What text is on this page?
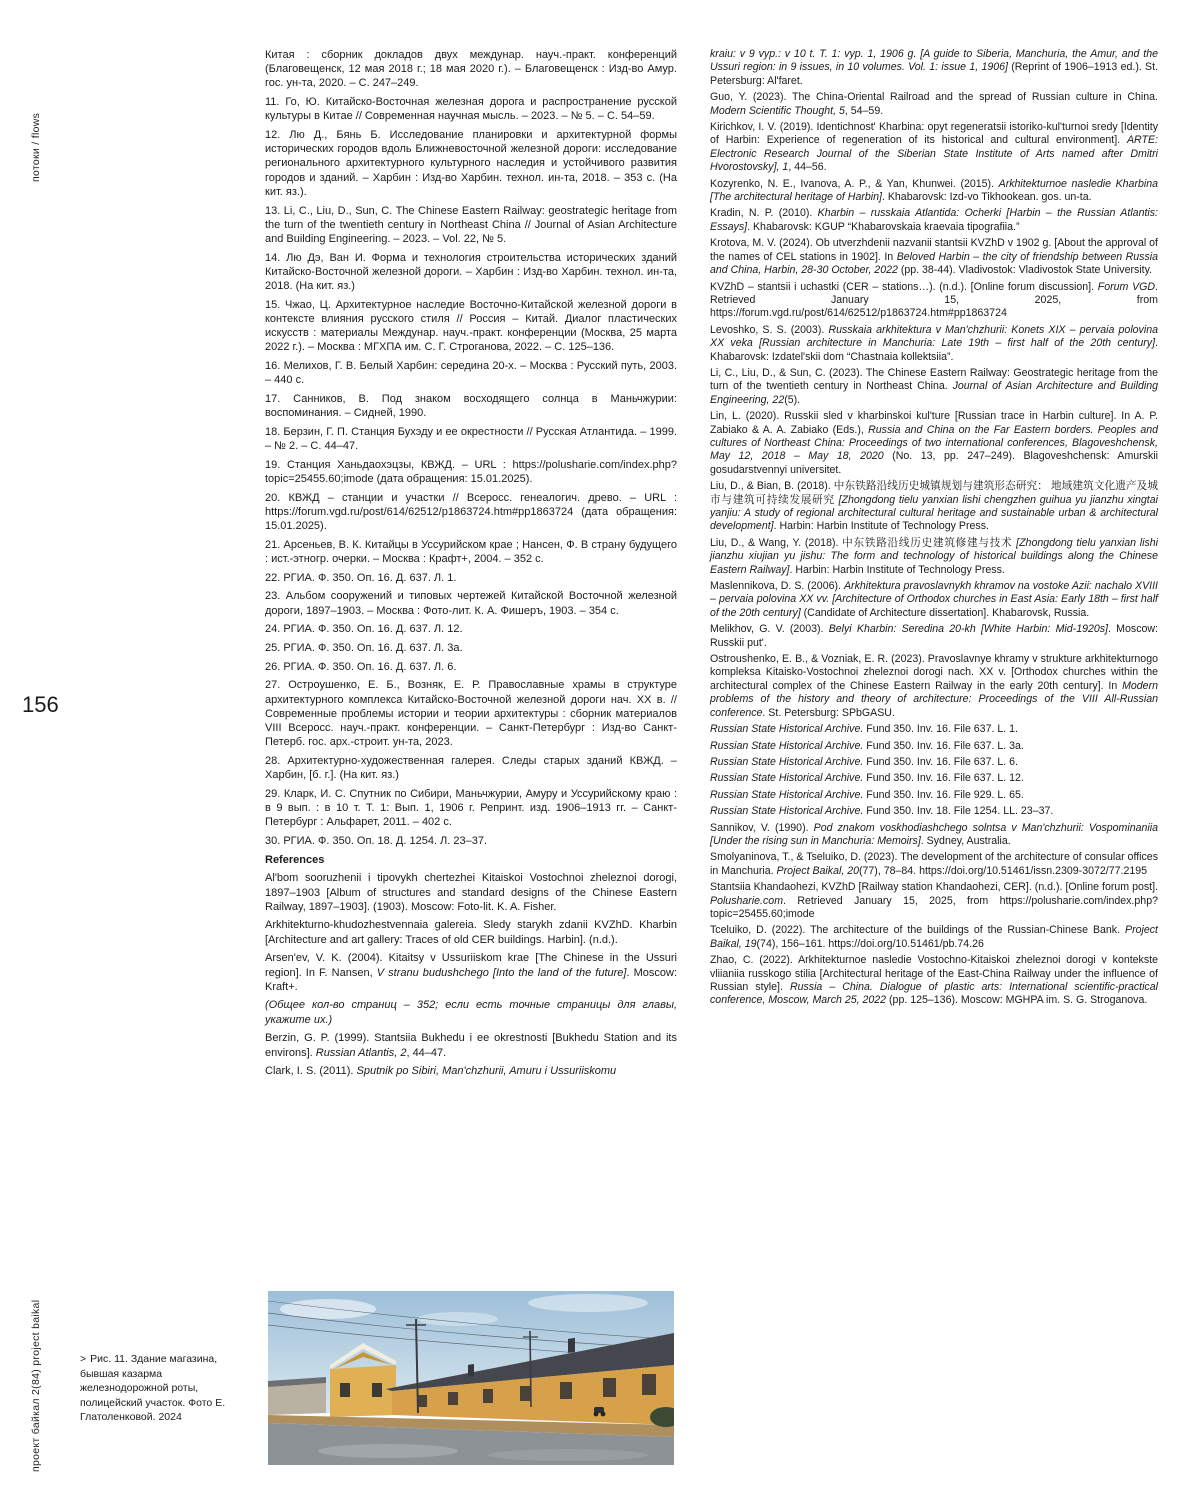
потоки / flows
156
проект байкал 2(84) project baikal

Китая : сборник докладов двух междунар. науч.-практ. конференций (Благовещенск, 12 мая 2018 г.; 18 мая 2020 г.). – Благовещенск : Изд-во Амур. гос. ун-та, 2020. – С. 247–249.

11. Го, Ю. Китайско-Восточная железная дорога и распространение русской культуры в Китае // Современная научная мысль. – 2023. – № 5. – С. 54–59.

12. Лю Д., Бянь Б. Исследование планировки и архитектурной формы исторических городов вдоль Ближневосточной железной дороги: исследование регионального архитектурного культурного наследия и устойчивого развития городов и зданий. – Харбин : Изд-во Харбин. технол. ин-та, 2018. – 353 с. (На кит. яз.).

13. Li, C., Liu, D., Sun, C. The Chinese Eastern Railway: geostrategic heritage from the turn of the twentieth century in Northeast China // Journal of Asian Architecture and Building Engineering. – 2023. – Vol. 22, № 5.

14. Лю Дэ, Ван И. Форма и технология строительства исторических зданий Китайско-Восточной железной дороги. – Харбин : Изд-во Харбин. технол. ин-та, 2018. (На кит. яз.)

15. Чжао, Ц. Архитектурное наследие Восточно-Китайской железной дороги в контексте влияния русского стиля // Россия – Китай. Диалог пластических искусств : материалы Междунар. науч.-практ. конференции (Москва, 25 марта 2022 г.). – Москва : МГХПА им. С. Г. Строганова, 2022. – С. 125–136.

16. Мелихов, Г. В. Белый Харбин: середина 20-х. – Москва : Русский путь, 2003. – 440 с.

17. Санников, В. Под знаком восходящего солнца в Маньчжурии: воспоминания. – Сидней, 1990.

18. Берзин, Г. П. Станция Бухэду и ее окрестности // Русская Атлантида. – 1999. – № 2. – С. 44–47.

19. Станция Ханьдаохэцзы, КВЖД. – URL : https://polusharie.com/index.php?topic=25455.60;imode (дата обращения: 15.01.2025).

20. КВЖД – станции и участки // Всеросс. генеалогич. древо. – URL : https://forum.vgd.ru/post/614/62512/p1863724.htm#pp1863724 (дата обращения: 15.01.2025).

21. Арсеньев, В. К. Китайцы в Уссурийском крае ; Нансен, Ф. В страну будущего : ист.-этногр. очерки. – Москва : Крафт+, 2004. – 352 с.

22. РГИА. Ф. 350. Оп. 16. Д. 637. Л. 1.

23. Альбом сооружений и типовых чертежей Китайской Восточной железной дороги, 1897–1903. – Москва : Фото-лит. К. А. Фишеръ, 1903. – 354 с.

24. РГИА. Ф. 350. Оп. 16. Д. 637. Л. 12.

25. РГИА. Ф. 350. Оп. 16. Д. 637. Л. 3а.

26. РГИА. Ф. 350. Оп. 16. Д. 637. Л. 6.

27. Остроушенко, Е. Б., Возняк, Е. Р. Православные храмы в структуре архитектурного комплекса Китайско-Восточной железной дороги нач. XX в. // Современные проблемы истории и теории архитектуры : сборник материалов VIII Всеросс. науч.-практ. конференции. – Санкт-Петербург : Изд-во Санкт-Петерб. гос. арх.-строит. ун-та, 2023.

28. Архитектурно-художественная галерея. Следы старых зданий КВЖД. – Харбин, [б. г.]. (На кит. яз.)

29. Кларк, И. С. Спутник по Сибири, Маньчжурии, Амуру и Уссурийскому краю : в 9 вып. : в 10 т. Т. 1: Вып. 1, 1906 г. Репринт. изд. 1906–1913 гг. – Санкт-Петербург : Альфарет, 2011. – 402 с.

30. РГИА. Ф. 350. Оп. 18. Д. 1254. Л. 23–37.

References

Al'bom sooruzhenii i tipovykh chertezhei Kitaiskoi Vostochnoi zheleznoi dorogi, 1897–1903 [Album of structures and standard designs of the Chinese Eastern Railway, 1897–1903]. (1903). Moscow: Foto-lit. K. A. Fisher.

Arkhitekturno-khudozhestvennaia galereia. Sledy starykh zdanii KVZhD. Kharbin [Architecture and art gallery: Traces of old CER buildings. Harbin]. (n.d.).

Arsen'ev, V. K. (2004). Kitaitsy v Ussuriiskom krae [The Chinese in the Ussuri region]. In F. Nansen, V stranu budushchego [Into the land of the future]. Moscow: Kraft+.

(Общее кол-во страниц – 352; если есть точные страницы для главы, укажите их.)

Berzin, G. P. (1999). Stantsiia Bukhedu i ee okrestnosti [Bukhedu Station and its environs]. Russian Atlantis, 2, 44–47.

Clark, I. S. (2011). Sputnik po Sibiri, Man'chzhurii, Amuru i Ussuriiskomu

kraiu: v 9 vyp.: v 10 t. T. 1: vyp. 1, 1906 g. [A guide to Siberia, Manchuria, the Amur, and the Ussuri region: in 9 issues, in 10 volumes. Vol. 1: issue 1, 1906] (Reprint of 1906–1913 ed.). St. Petersburg: Al'faret.

Guo, Y. (2023). The China-Oriental Railroad and the spread of Russian culture in China. Modern Scientific Thought, 5, 54–59.

Kirichkov, I. V. (2019). Identichnost' Kharbina: opyt regeneratsii istoriko-kul'turnoi sredy [Identity of Harbin: Experience of regeneration of its historical and cultural environment]. ARTE: Electronic Research Journal of the Siberian State Institute of Arts named after Dmitri Hvorostovsky], 1, 44–56.

Kozyrenko, N. E., Ivanova, A. P., & Yan, Khunwei. (2015). Arkhitekturnoe nasledie Kharbina [The architectural heritage of Harbin]. Khabarovsk: Izd-vo Tikhookean. gos. un-ta.

Kradin, N. P. (2010). Kharbin – russkaia Atlantida: Ocherki [Harbin – the Russian Atlantis: Essays]. Khabarovsk: KGUP “Khabarovskaia kraevaia tipografiia.”

Krotova, M. V. (2024). Ob utverzhdenii nazvanii stantsii KVZhD v 1902 g. [About the approval of the names of CEL stations in 1902]. In Beloved Harbin – the city of friendship between Russia and China, Harbin, 28-30 October, 2022 (pp. 38-44). Vladivostok: Vladivostok State University.

KVZhD – stantsii i uchastki (CER – stations…). (n.d.). [Online forum discussion]. Forum VGD. Retrieved January 15, 2025, from https://forum.vgd.ru/post/614/62512/p1863724.htm#pp1863724

Levoshko, S. S. (2003). Russkaia arkhitektura v Man'chzhurii: Konets XIX – pervaia polovina XX veka [Russian architecture in Manchuria: Late 19th – first half of the 20th century]. Khabarovsk: Izdatel'skii dom “Chastnaia kollektsiia”.

Li, C., Liu, D., & Sun, C. (2023). The Chinese Eastern Railway: Geostrategic heritage from the turn of the twentieth century in Northeast China. Journal of Asian Architecture and Building Engineering, 22(5).

Lin, L. (2020). Russkii sled v kharbinskoi kul'ture [Russian trace in Harbin culture]. In A. P. Zabiako & A. A. Zabiako (Eds.), Russia and China on the Far Eastern borders. Peoples and cultures of Northeast China: Proceedings of two international conferences, Blagoveshchensk, May 12, 2018 – May 18, 2020 (No. 13, pp. 247–249). Blagoveshchensk: Amurskii gosudarstvennyi universitet.

Liu, D., & Bian, B. (2018). 中东铁路沿线历史城镇规划与建筑形态研究： 地域建筑文化遗产及城市与建筑可持续发展研究 [Zhongdong tielu yanxian lishi chengzhen guihua yu jianzhu xingtai yanjiu: A study of regional architectural cultural heritage and sustainable urban & architectural development]. Harbin: Harbin Institute of Technology Press.

Liu, D., & Wang, Y. (2018). 中东铁路沿线历史建筑修建与技术 [Zhongdong tielu yanxian lishi jianzhu xiujian yu jishu: The form and technology of historical buildings along the Chinese Eastern Railway]. Harbin: Harbin Institute of Technology Press.

Maslennikova, D. S. (2006). Arkhitektura pravoslavnykh khramov na vostoke Azii: nachalo XVIII – pervaia polovina XX vv. [Architecture of Orthodox churches in East Asia: Early 18th – first half of the 20th century] (Candidate of Architecture dissertation]. Khabarovsk, Russia.

Melikhov, G. V. (2003). Belyi Kharbin: Seredina 20-kh [White Harbin: Mid-1920s]. Moscow: Russkii put'.

Ostroushenko, E. B., & Vozniak, E. R. (2023). Pravoslavnye khramy v strukture arkhitekturnogo kompleksa Kitaisko-Vostochnoi zheleznoi dorogi nach. XX v. [Orthodox churches within the architectural complex of the Chinese Eastern Railway in the early 20th century]. In Modern problems of the history and theory of architecture: Proceedings of the VIII All-Russian conference. St. Petersburg: SPbGASU.

Russian State Historical Archive. Fund 350. Inv. 16. File 637. L. 1.

Russian State Historical Archive. Fund 350. Inv. 16. File 637. L. 3a.

Russian State Historical Archive. Fund 350. Inv. 16. File 637. L. 6.

Russian State Historical Archive. Fund 350. Inv. 16. File 637. L. 12.

Russian State Historical Archive. Fund 350. Inv. 16. File 929. L. 65.

Russian State Historical Archive. Fund 350. Inv. 18. File 1254. LL. 23–37.

Sannikov, V. (1990). Pod znakom voskhodiashchego solntsa v Man'chzhurii: Vospominaniia [Under the rising sun in Manchuria: Memoirs]. Sydney, Australia.

Smolyaninova, T., & Tseluiko, D. (2023). The development of the architecture of consular offices in Manchuria. Project Baikal, 20(77), 78–84. https://doi.org/10.51461/issn.2309-3072/77.2195

Stantsiia Khandaohezi, KVZhD [Railway station Khandaohezi, CER]. (n.d.). [Online forum post]. Polusharie.com. Retrieved January 15, 2025, from https://polusharie.com/index.php?topic=25455.60;imode

Tceluiko, D. (2022). The architecture of the buildings of the Russian-Chinese Bank. Project Baikal, 19(74), 156–161. https://doi.org/10.51461/pb.74.26

Zhao, C. (2022). Arkhitekturnoe nasledie Vostochno-Kitaiskoi zheleznoi dorogi v kontekste vliianiia russkogo stilia [Architectural heritage of the East-China Railway under the influence of Russian style]. Russia – China. Dialogue of plastic arts: International scientific-practical conference, Moscow, March 25, 2022 (pp. 125–136). Moscow: MGHPA im. S. G. Stroganova.

> Рис. 11. Здание магазина, бывшая казарма железнодорожной роты, полицейский участок. Фото Е. Глатоленковой. 2024
